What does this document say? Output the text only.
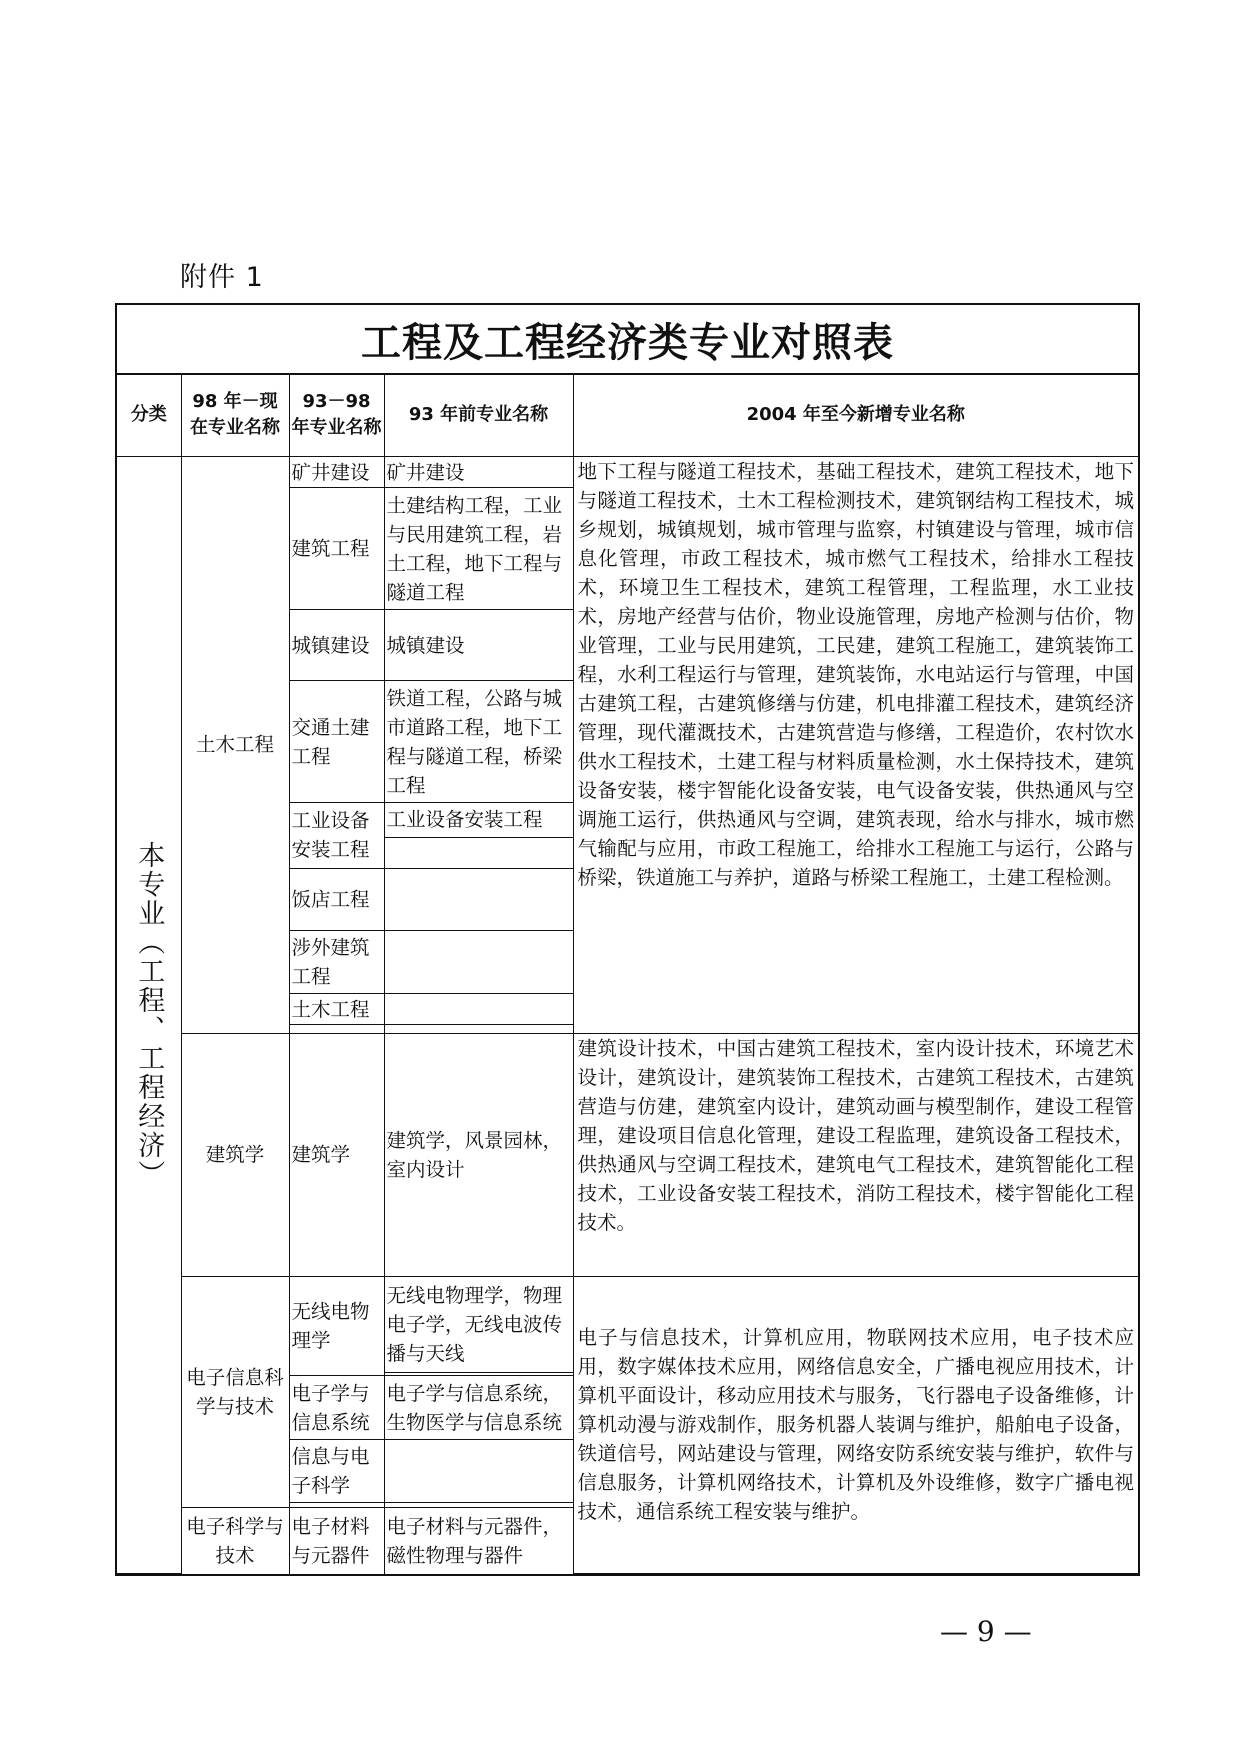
附件 1
工程及工程经济类专业对照表
分类	98 年－现在专业名称	93－98 年专业名称	93 年前专业名称	2004 年至今新增专业名称

本专业（工程、工程经济）	土木工程	矿井建设	矿井建设	地下工程与隧道工程技术，基础工程技术，建筑工程技术，地下与隧道工程技术，土木工程检测技术，建筑钢结构工程技术，城乡规划，城镇规划，城市管理与监察，村镇建设与管理，城市信息化管理，市政工程技术，城市燃气工程技术，给排水工程技术，环境卫生工程技术，建筑工程管理，工程监理，水工业技术，房地产经营与估价，物业设施管理，房地产检测与估价，物业管理，工业与民用建筑，工民建，建筑工程施工，建筑装饰工程，水利工程运行与管理，建筑装饰，水电站运行与管理，中国古建筑工程，古建筑修缮与仿建，机电排灌工程技术，建筑经济管理，现代灌溉技术，古建筑营造与修缮，工程造价，农村饮水供水工程技术，土建工程与材料质量检测，水土保持技术，建筑设备安装，楼宇智能化设备安装，电气设备安装，供热通风与空调施工运行，供热通风与空调，建筑表现，给水与排水，城市燃气输配与应用，市政工程施工，给排水工程施工与运行，公路与桥梁，铁道施工与养护，道路与桥梁工程施工，土建工程检测。
		建筑工程	土建结构工程，工业与民用建筑工程，岩土工程，地下工程与隧道工程	
		城镇建设	城镇建设	
		交通土建工程	铁道工程，公路与城市道路工程，地下工程与隧道工程，桥梁工程	
		工业设备安装工程	工业设备安装工程	

		饭店工程		
		涉外建筑工程		
		土木工程		

	建筑学	建筑学	建筑学，风景园林，室内设计	建筑设计技术，中国古建筑工程技术，室内设计技术，环境艺术设计，建筑设计，建筑装饰工程技术，古建筑工程技术，古建筑营造与仿建，建筑室内设计，建筑动画与模型制作，建设工程管理，建设项目信息化管理，建设工程监理，建筑设备工程技术，供热通风与空调工程技术，建筑电气工程技术，建筑智能化工程技术，工业设备安装工程技术，消防工程技术，楼宇智能化工程技术。
	电子信息科学与技术	无线电物理学	无线电物理学，物理电子学，无线电波传播与天线	电子与信息技术，计算机应用，物联网技术应用，电子技术应用，数字媒体技术应用，网络信息安全，广播电视应用技术，计算机平面设计，移动应用技术与服务，飞行器电子设备维修，计算机动漫与游戏制作，服务机器人装调与维护，船舶电子设备，铁道信号，网站建设与管理，网络安防系统安装与维护，软件与信息服务，计算机网络技术，计算机及外设维修，数字广播电视技术，通信系统工程安装与维护。

		电子学与信息系统	电子学与信息系统，生物医学与信息系统	
		信息与电子科学		

	电子科学与技术	电子材料与元器件	电子材料与元器件，磁性物理与器件	
— 9 —
